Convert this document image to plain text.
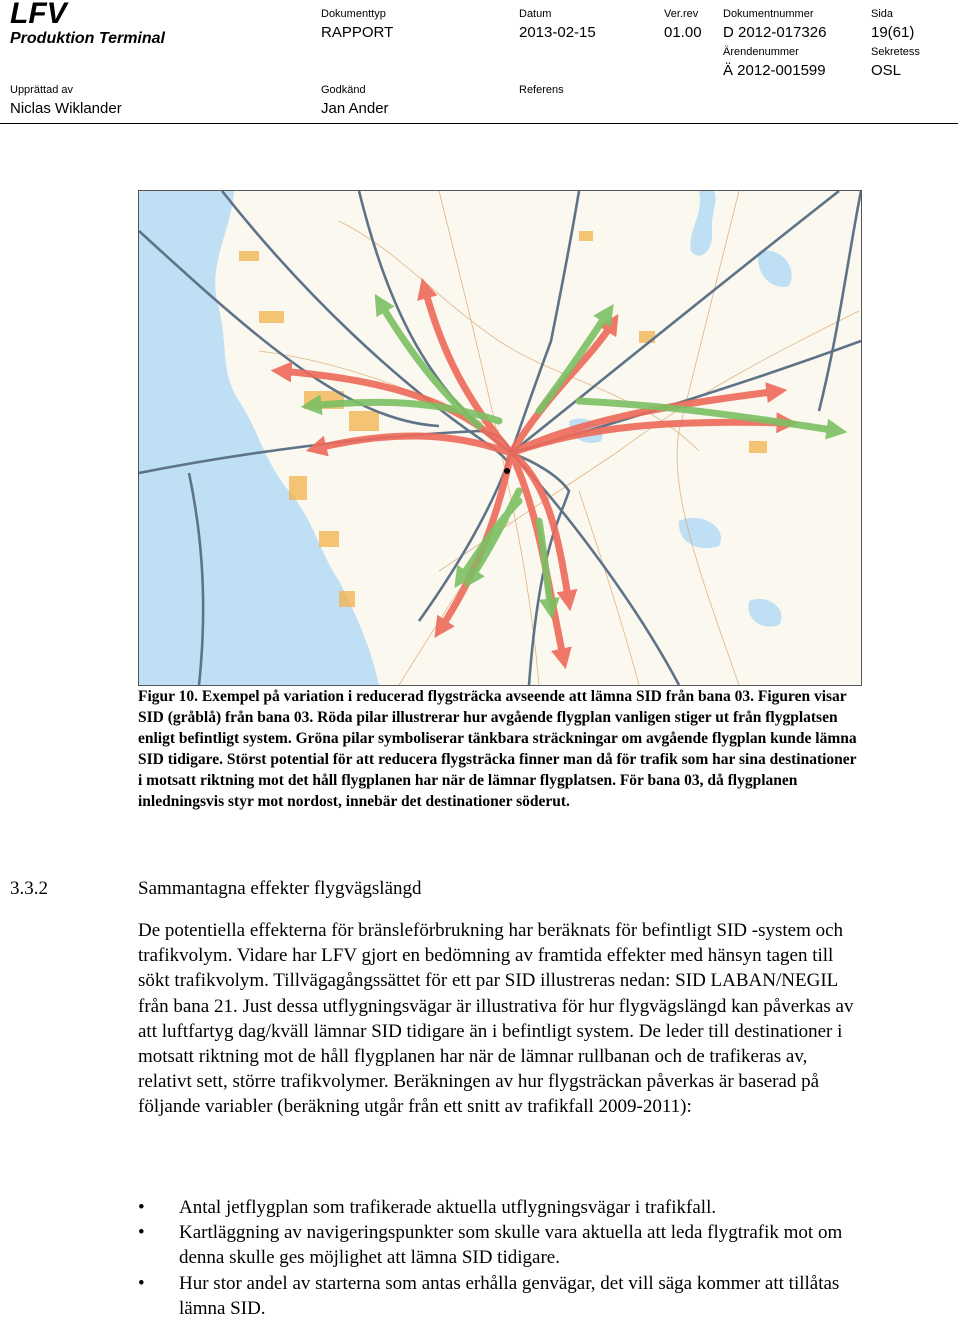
LFV
Produktion Terminal
Dokumenttyp
RAPPORT
Datum
2013-02-15
Ver.rev
01.00
Dokumentnummer
D 2012-017326
Sida
19(61)
Ärendenummer
Ä 2012-001599
Sekretess
OSL
Upprättad av
Niclas Wiklander
Godkänd
Jan Ander
Referens
Figur 10. Exempel på variation i reducerad flygsträcka avseende att lämna SID från bana 03. Figuren visar SID (gråblå) från bana 03. Röda pilar illustrerar hur avgående flygplan vanligen stiger ut från flygplatsen enligt befintligt system. Gröna pilar symboliserar tänkbara sträckningar om avgående flygplan kunde lämna SID tidigare. Störst potential för att reducera flygsträcka finner man då för trafik som har sina destinationer i motsatt riktning mot det håll flygplanen har när de lämnar flygplatsen. För bana 03, då flygplanen inledningsvis styr mot nordost, innebär det destinationer söderut.
3.3.2	Sammantagna effekter flygvägslängd
De potentiella effekterna för bränsleförbrukning har beräknats för befintligt SID -system och trafikvolym. Vidare har LFV gjort en bedömning av framtida effekter med hänsyn tagen till sökt trafikvolym. Tillvägagångssättet för ett par SID illustreras nedan: SID LABAN/NEGIL från bana 21. Just dessa utflygningsvägar är illustrativa för hur flygvägslängd kan påverkas av att luftfartyg dag/kväll lämnar SID tidigare än i befintligt system. De leder till destinationer i motsatt riktning mot de håll flygplanen har när de lämnar rullbanan och de trafikeras av, relativt sett, större trafikvolymer. Beräkningen av hur flygsträckan påverkas är baserad på följande variabler (beräkning utgår från ett snitt av trafikfall 2009-2011):
• Antal jetflygplan som trafikerade aktuella utflygningsvägar i trafikfall.
• Kartläggning av navigeringspunkter som skulle vara aktuella att leda flygtrafik mot om denna skulle ges möjlighet att lämna SID tidigare.
• Hur stor andel av starterna som antas erhålla genvägar, det vill säga kommer att tillåtas lämna SID.
